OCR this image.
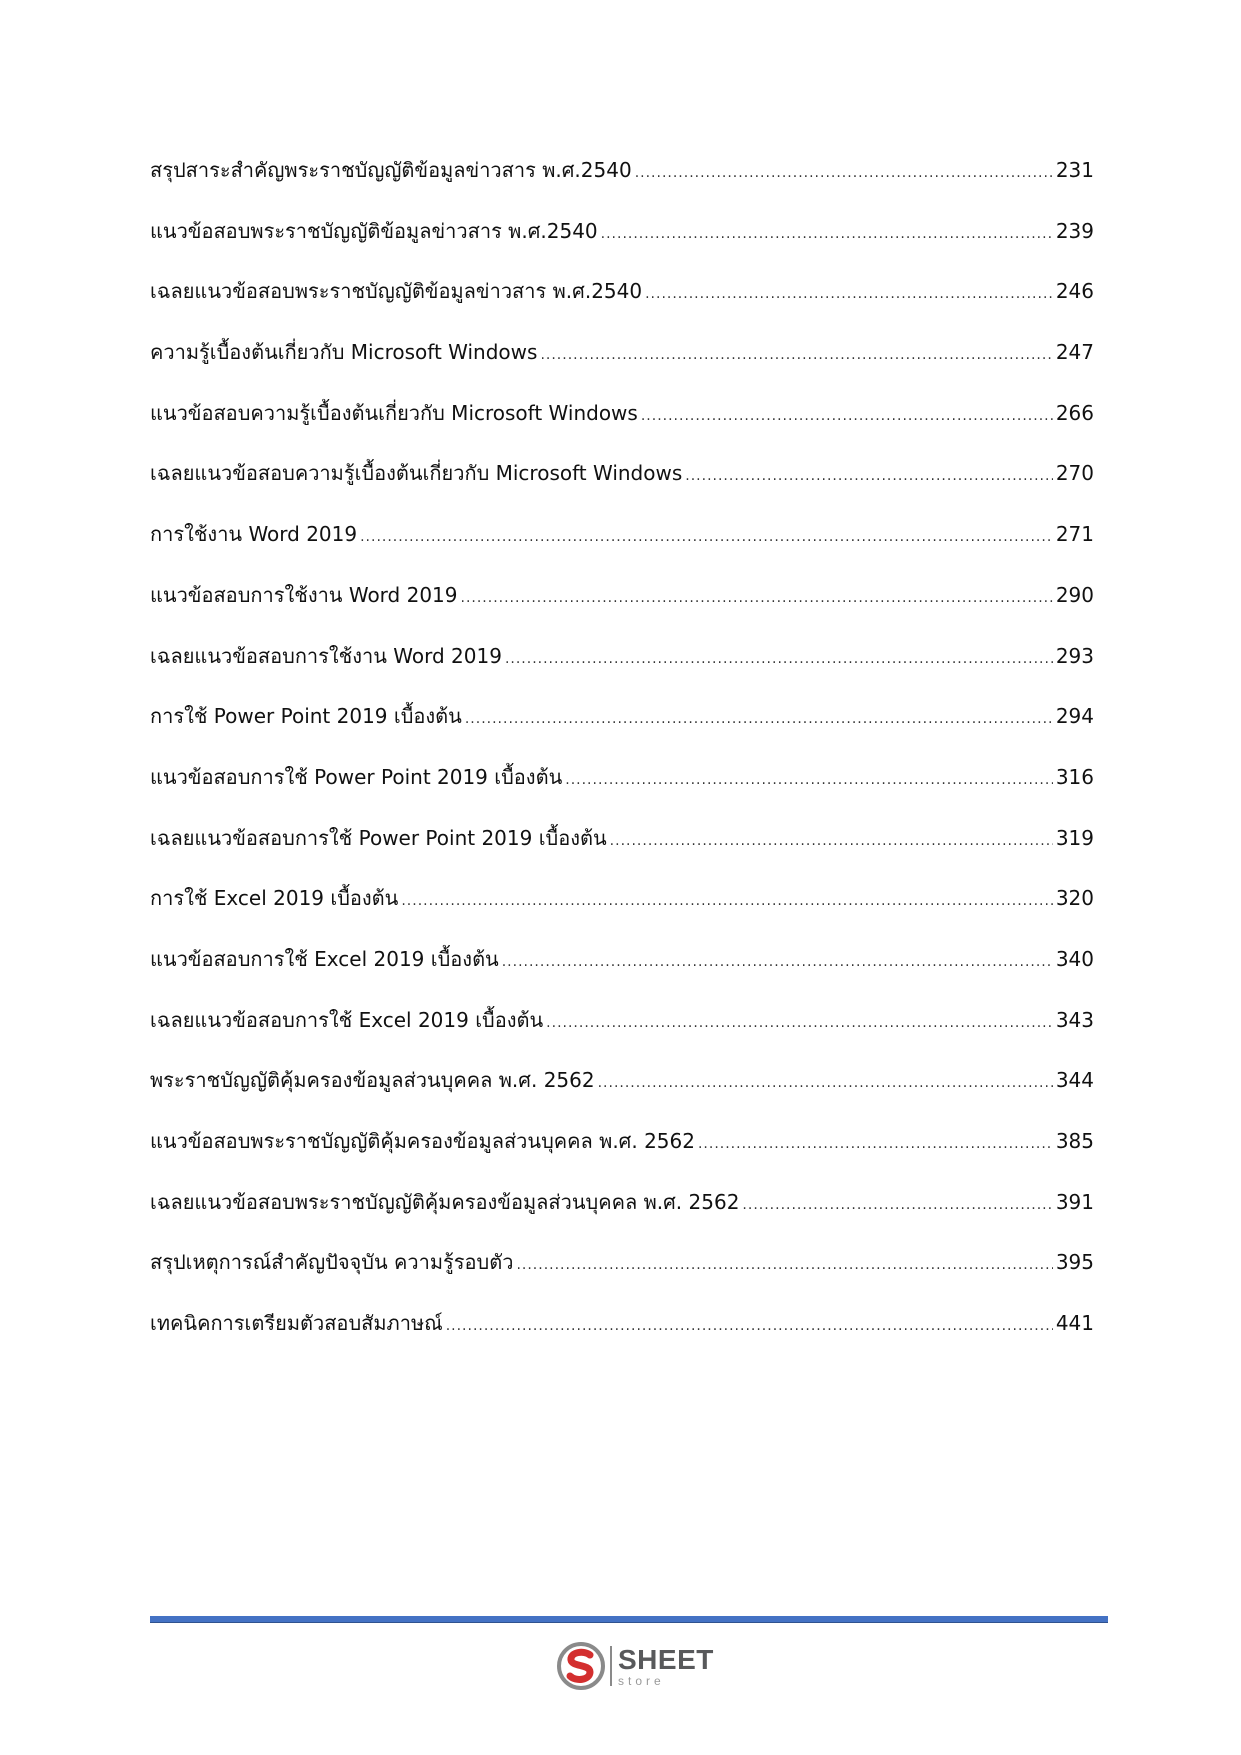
สรุปสาระสำคัญพระราชบัญญัติข้อมูลข่าวสาร พ.ศ.2540 .....	231
แนวข้อสอบพระราชบัญญัติข้อมูลข่าวสาร พ.ศ.2540 .....	239
เฉลยแนวข้อสอบพระราชบัญญัติข้อมูลข่าวสาร พ.ศ.2540 .....	246
ความรู้เบื้องต้นเกี่ยวกับ Microsoft Windows .....	247
แนวข้อสอบความรู้เบื้องต้นเกี่ยวกับ Microsoft Windows .....	266
เฉลยแนวข้อสอบความรู้เบื้องต้นเกี่ยวกับ Microsoft Windows .....	270
การใช้งาน Word 2019 .....	271
แนวข้อสอบการใช้งาน Word 2019 .....	290
เฉลยแนวข้อสอบการใช้งาน Word 2019 .....	293
การใช้ Power Point 2019 เบื้องต้น .....	294
แนวข้อสอบการใช้ Power Point 2019 เบื้องต้น .....	316
เฉลยแนวข้อสอบการใช้ Power Point 2019 เบื้องต้น .....	319
การใช้ Excel 2019 เบื้องต้น .....	320
แนวข้อสอบการใช้ Excel 2019 เบื้องต้น .....	340
เฉลยแนวข้อสอบการใช้ Excel 2019 เบื้องต้น .....	343
พระราชบัญญัติคุ้มครองข้อมูลส่วนบุคคล พ.ศ. 2562 .....	344
แนวข้อสอบพระราชบัญญัติคุ้มครองข้อมูลส่วนบุคคล พ.ศ. 2562 .....	385
เฉลยแนวข้อสอบพระราชบัญญัติคุ้มครองข้อมูลส่วนบุคคล พ.ศ. 2562 .....	391
สรุปเหตุการณ์สำคัญปัจจุบัน ความรู้รอบตัว .....	395
เทคนิคการเตรียมตัวสอบสัมภาษณ์ .....	441
SHEET
store
